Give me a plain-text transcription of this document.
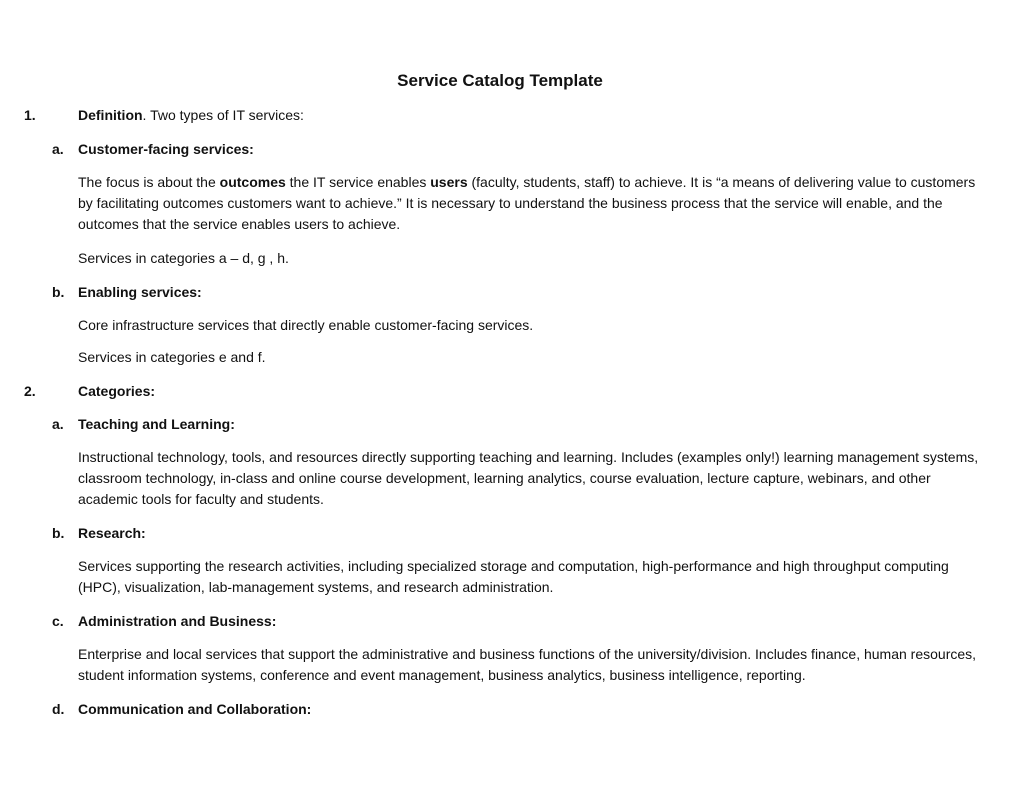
Service Catalog Template
1.	Definition. Two types of IT services:
a. Customer-facing services:
The focus is about the outcomes the IT service enables users (faculty, students, staff) to achieve. It is “a means of delivering value to customers by facilitating outcomes customers want to achieve.” It is necessary to understand the business process that the service will enable, and the outcomes that the service enables users to achieve.
Services in categories a – d, g , h.
b. Enabling services:
Core infrastructure services that directly enable customer-facing services.
Services in categories e and f.
2.	Categories:
a. Teaching and Learning:
Instructional technology, tools, and resources directly supporting teaching and learning. Includes (examples only!) learning management systems, classroom technology, in-class and online course development, learning analytics, course evaluation, lecture capture, webinars, and other academic tools for faculty and students.
b. Research:
Services supporting the research activities, including specialized storage and computation, high-performance and high throughput computing (HPC), visualization, lab-management systems, and research administration.
c. Administration and Business:
Enterprise and local services that support the administrative and business functions of the university/division. Includes finance, human resources, student information systems, conference and event management, business analytics, business intelligence, reporting.
d. Communication and Collaboration:
